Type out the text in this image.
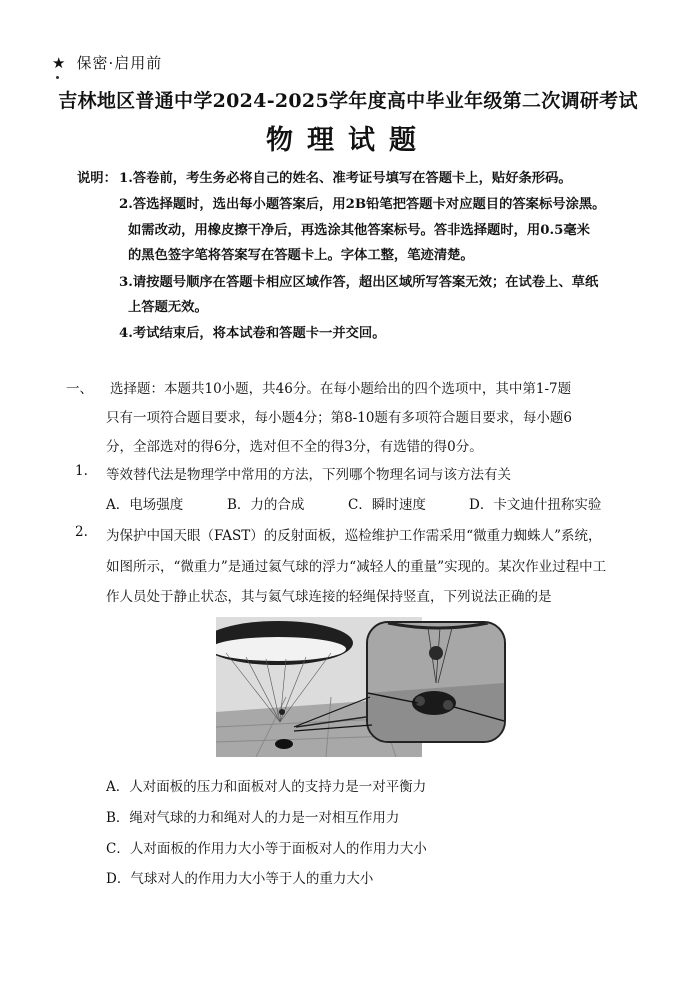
★ 保密·启用前
吉林地区普通中学2024-2025学年度高中毕业年级第二次调研考试
物理试题
说明： 1.答卷前，考生务必将自己的姓名、准考证号填写在答题卡上，贴好条形码。
2.答选择题时，选出每小题答案后，用2B铅笔把答题卡对应题目的答案标号涂黑。
如需改动，用橡皮擦干净后，再选涂其他答案标号。答非选择题时，用0.5毫米
的黑色签字笔将答案写在答题卡上。字体工整，笔迹清楚。
3.请按题号顺序在答题卡相应区域作答，超出区域所写答案无效；在试卷上、草纸
上答题无效。
4.考试结束后，将本试卷和答题卡一并交回。
一、 选择题：本题共10小题，共46分。在每小题给出的四个选项中，其中第1-7题
只有一项符合题目要求，每小题4分；第8-10题有多项符合题目要求，每小题6
分，全部选对的得6分，选对但不全的得3分，有选错的得0分。
1. 等效替代法是物理学中常用的方法，下列哪个物理名词与该方法有关
A．电场强度	B．力的合成	C．瞬时速度	D．卡文迪什扭称实验
2. 为保护中国天眼（FAST）的反射面板，巡检维护工作需采用“微重力蜘蛛人”系统，
如图所示，“微重力”是通过氦气球的浮力“减轻人的重量”实现的。某次作业过程中工
作人员处于静止状态，其与氦气球连接的轻绳保持竖直，下列说法正确的是
A．人对面板的压力和面板对人的支持力是一对平衡力
B．绳对气球的力和绳对人的力是一对相互作用力
C．人对面板的作用力大小等于面板对人的作用力大小
D．气球对人的作用力大小等于人的重力大小
